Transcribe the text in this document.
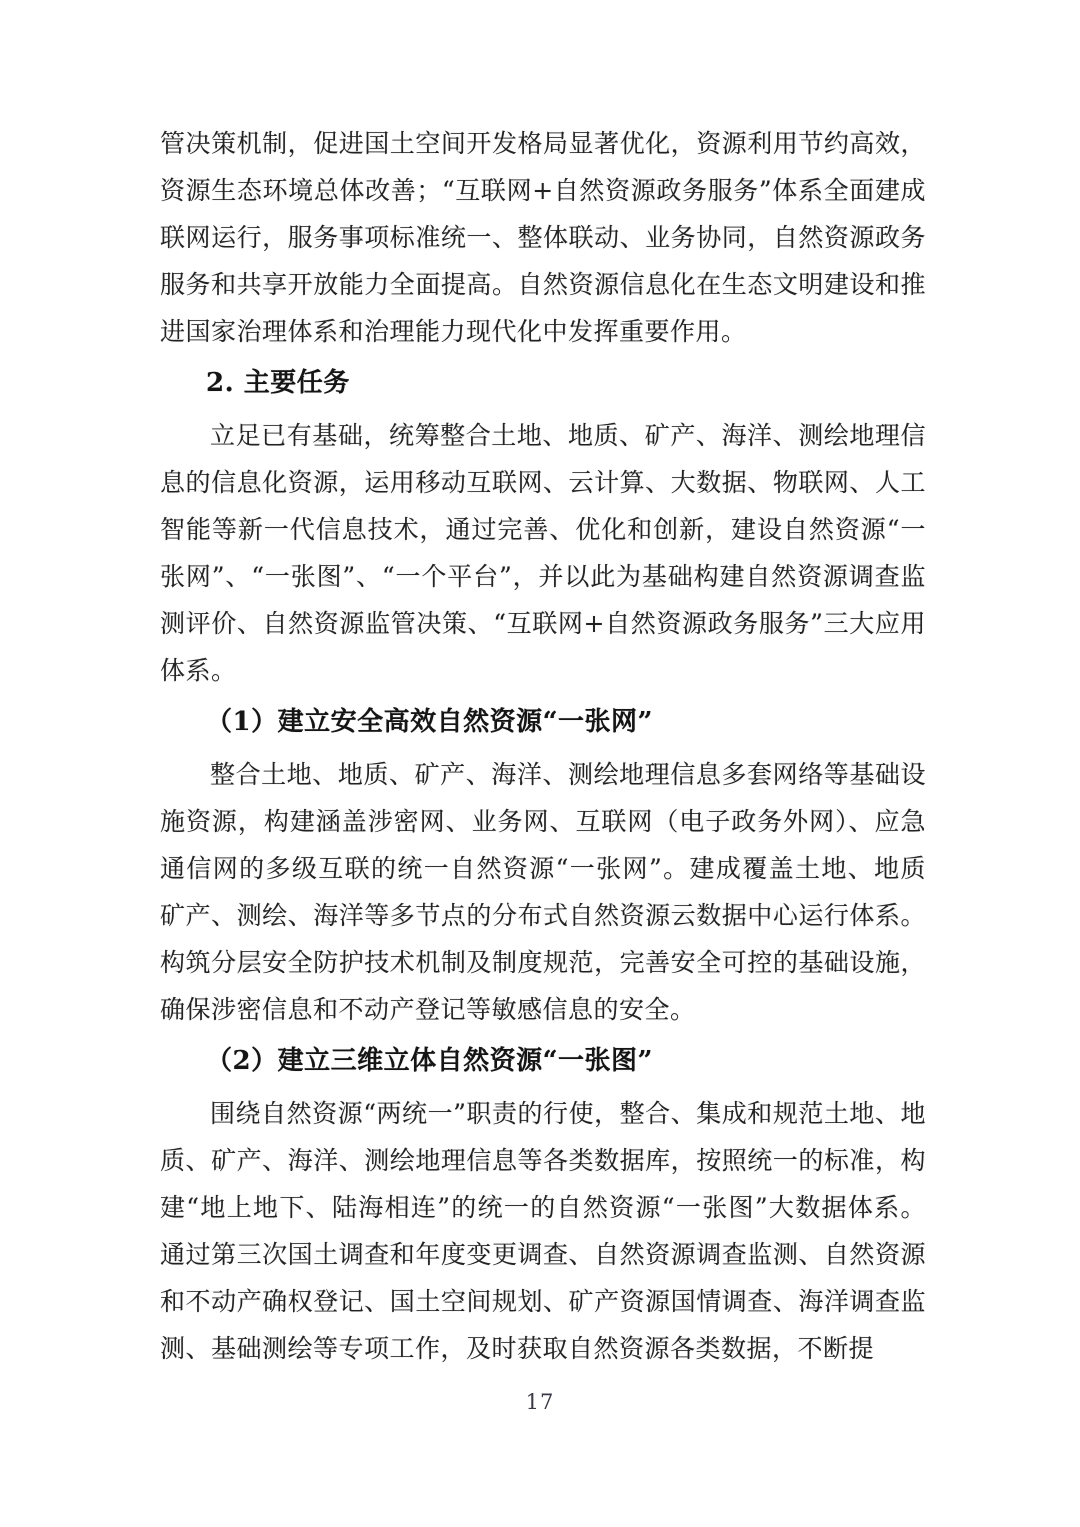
管决策机制，促进国土空间开发格局显著优化，资源利用节约高效，资源生态环境总体改善；“互联网+自然资源政务服务”体系全面建成联网运行，服务事项标准统一、整体联动、业务协同，自然资源政务服务和共享开放能力全面提高。自然资源信息化在生态文明建设和推进国家治理体系和治理能力现代化中发挥重要作用。

2. 主要任务

立足已有基础，统筹整合土地、地质、矿产、海洋、测绘地理信息的信息化资源，运用移动互联网、云计算、大数据、物联网、人工智能等新一代信息技术，通过完善、优化和创新，建设自然资源“一张网”、“一张图”、“一个平台”，并以此为基础构建自然资源调查监测评价、自然资源监管决策、“互联网+自然资源政务服务”三大应用体系。

（1）建立安全高效自然资源“一张网”

整合土地、地质、矿产、海洋、测绘地理信息多套网络等基础设施资源，构建涵盖涉密网、业务网、互联网（电子政务外网）、应急通信网的多级互联的统一自然资源“一张网”。建成覆盖土地、地质矿产、测绘、海洋等多节点的分布式自然资源云数据中心运行体系。构筑分层安全防护技术机制及制度规范，完善安全可控的基础设施，确保涉密信息和不动产登记等敏感信息的安全。

（2）建立三维立体自然资源“一张图”

围绕自然资源“两统一”职责的行使，整合、集成和规范土地、地质、矿产、海洋、测绘地理信息等各类数据库，按照统一的标准，构建“地上地下、陆海相连”的统一的自然资源“一张图”大数据体系。通过第三次国土调查和年度变更调查、自然资源调查监测、自然资源和不动产确权登记、国土空间规划、矿产资源国情调查、海洋调查监测、基础测绘等专项工作，及时获取自然资源各类数据，不断提

17
